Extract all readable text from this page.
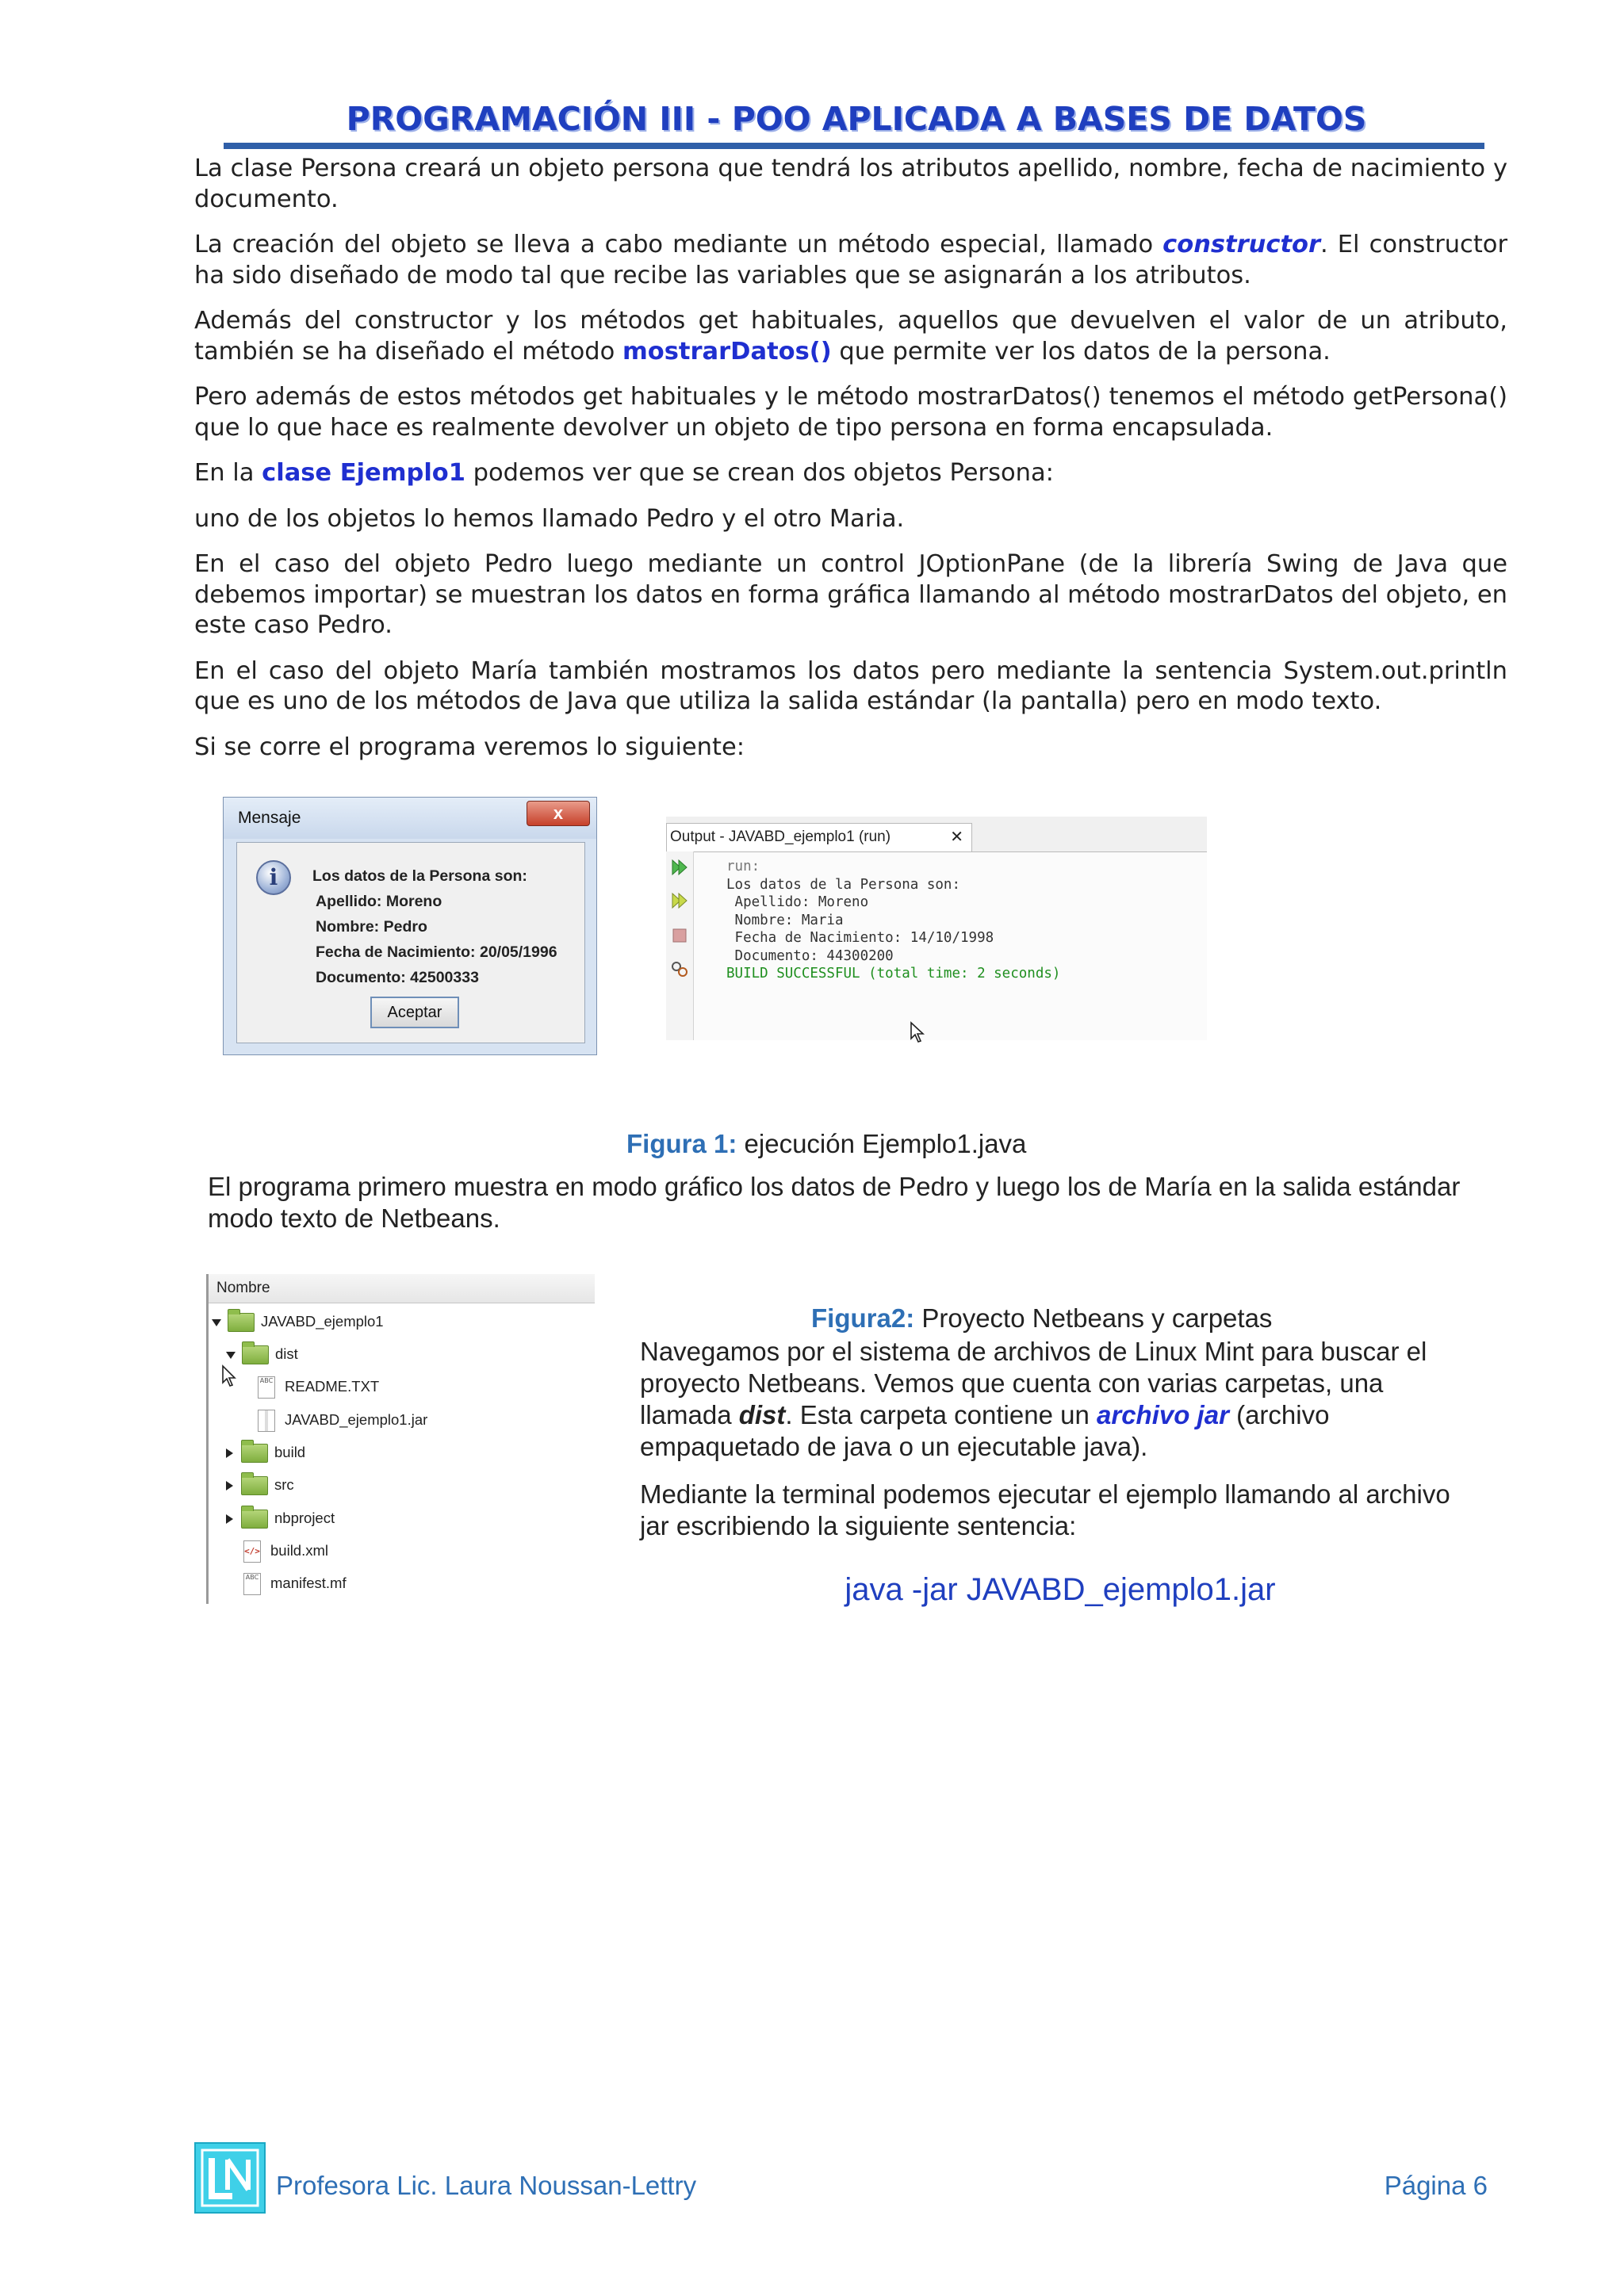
PROGRAMACIÓN III - POO APLICADA A BASES DE DATOS

La clase Persona creará un objeto persona que tendrá los atributos apellido, nombre, fecha de nacimiento y documento.

La creación del objeto se lleva a cabo mediante un método especial, llamado constructor. El constructor ha sido diseñado de modo tal que recibe las variables que se asignarán a los atributos.

Además del constructor y los métodos get habituales, aquellos que devuelven el valor de un atributo, también se ha diseñado el método mostrarDatos() que permite ver los datos de la persona.

Pero además de estos métodos get habituales y le método mostrarDatos() tenemos el método getPersona() que lo que hace es realmente devolver un objeto de tipo persona en forma encapsulada.

En la clase Ejemplo1 podemos ver que se crean dos objetos Persona:

uno de los objetos lo hemos llamado Pedro y el otro Maria.

En el caso del objeto Pedro luego mediante un control JOptionPane (de la librería Swing de Java que debemos importar) se muestran los datos en forma gráfica llamando al método mostrarDatos del objeto, en este caso Pedro.

En el caso del objeto María también mostramos los datos pero mediante la sentencia System.out.println que es uno de los métodos de Java que utiliza la salida estándar (la pantalla) pero en modo texto.

Si se corre el programa veremos lo siguiente:

Mensaje	x
i	Los datos de la Persona son:
Apellido: Moreno
Nombre: Pedro
Fecha de Nacimiento: 20/05/1996
Documento: 42500333
Aceptar
Output - JAVABD_ejemplo1 (run)	✕
run:
Los datos de la Persona son:
Apellido: Moreno
Nombre: Maria
Fecha de Nacimiento: 14/10/1998
Documento: 44300200
BUILD SUCCESSFUL (total time: 2 seconds)
Figura 1: ejecución Ejemplo1.java
El programa primero muestra en modo gráfico los datos de Pedro y luego los de María en la salida estándar modo texto de Netbeans.
Nombre
JAVABD_ejemplo1
dist
ABC README.TXT
JAVABD_ejemplo1.jar
build
src
nbproject
</> build.xml
ABC manifest.mf
Figura2: Proyecto Netbeans y carpetas

Navegamos por el sistema de archivos de Linux Mint para buscar el proyecto Netbeans. Vemos que cuenta con varias carpetas, una llamada dist. Esta carpeta contiene un archivo jar (archivo empaquetado de java o un ejecutable java).

Mediante la terminal podemos ejecutar el ejemplo llamando al archivo jar escribiendo la siguiente sentencia:

java -jar JAVABD_ejemplo1.jar
Profesora Lic. Laura Noussan-Lettry	Página 6
